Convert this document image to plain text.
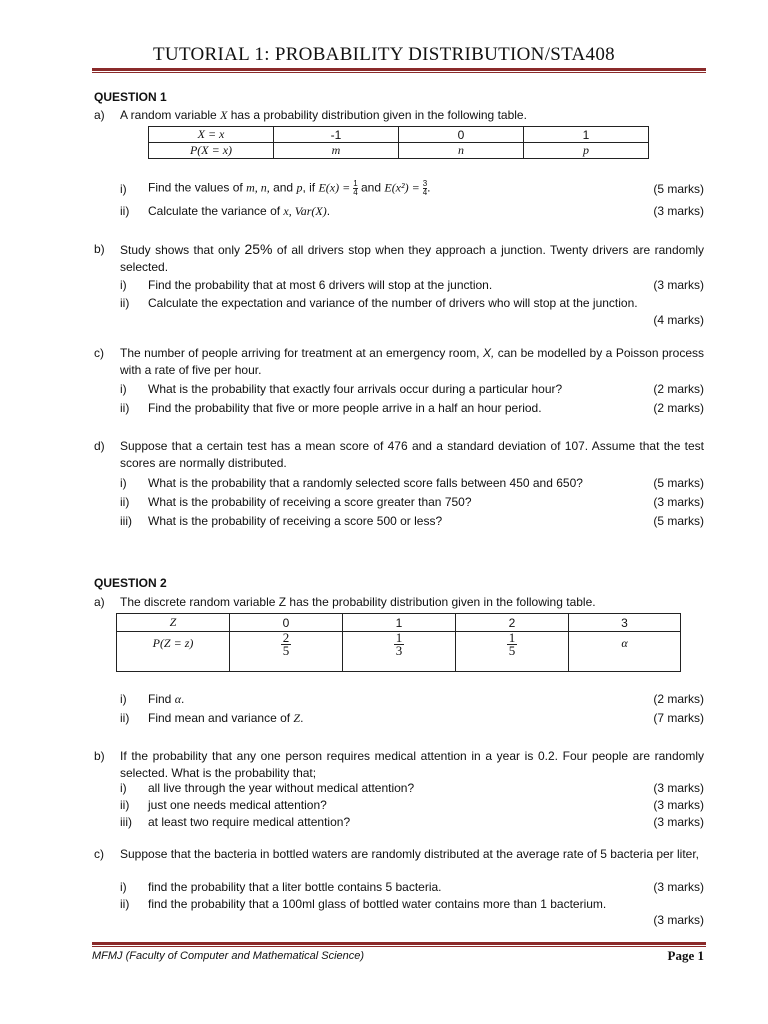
TUTORIAL 1: PROBABILITY DISTRIBUTION/STA408
QUESTION 1
a) A random variable X has a probability distribution given in the following table.
X = x	-1	0	1
P(X = x)	m	n	p
i) Find the values of m, n, and p, if $E(x) = \frac{1}{4}$ and $E(x^2) = \frac{3}{4}$ .	(5 marks)
ii) Calculate the variance of x, Var(X).	(3 marks)
b) Study shows that only 25% of all drivers stop when they approach a junction. Twenty drivers are randomly selected.
i) Find the probability that at most 6 drivers will stop at the junction.	(3 marks)
ii) Calculate the expectation and variance of the number of drivers who will stop at the junction.
(4 marks)
c) The number of people arriving for treatment at an emergency room, X, can be modelled by a Poisson process with a rate of five per hour.
i) What is the probability that exactly four arrivals occur during a particular hour?	(2 marks)
ii) Find the probability that five or more people arrive in a half an hour period.	(2 marks)
d) Suppose that a certain test has a mean score of 476 and a standard deviation of 107. Assume that the test scores are normally distributed.
i) What is the probability that a randomly selected score falls between 450 and 650?	(5 marks)
ii) What is the probability of receiving a score greater than 750?	(3 marks)
iii) What is the probability of receiving a score 500 or less?	(5 marks)
QUESTION 2
a) The discrete random variable Z has the probability distribution given in the following table.
Z	0	1	2	3
P(Z = z)	$\frac{2}{5}$	$\frac{1}{3}$	$\frac{1}{5}$	α
i) Find α.	(2 marks)
ii) Find mean and variance of Z.	(7 marks)
b) If the probability that any one person requires medical attention in a year is 0.2. Four people are randomly selected. What is the probability that;
i) all live through the year without medical attention?	(3 marks)
ii) just one needs medical attention?	(3 marks)
iii) at least two require medical attention?	(3 marks)
c) Suppose that the bacteria in bottled waters are randomly distributed at the average rate of 5 bacteria per liter,
i) find the probability that a liter bottle contains 5 bacteria.	(3 marks)
ii) find the probability that a 100ml glass of bottled water contains more than 1 bacterium.
(3 marks)
MFMJ (Faculty of Computer and Mathematical Science)	Page 1
